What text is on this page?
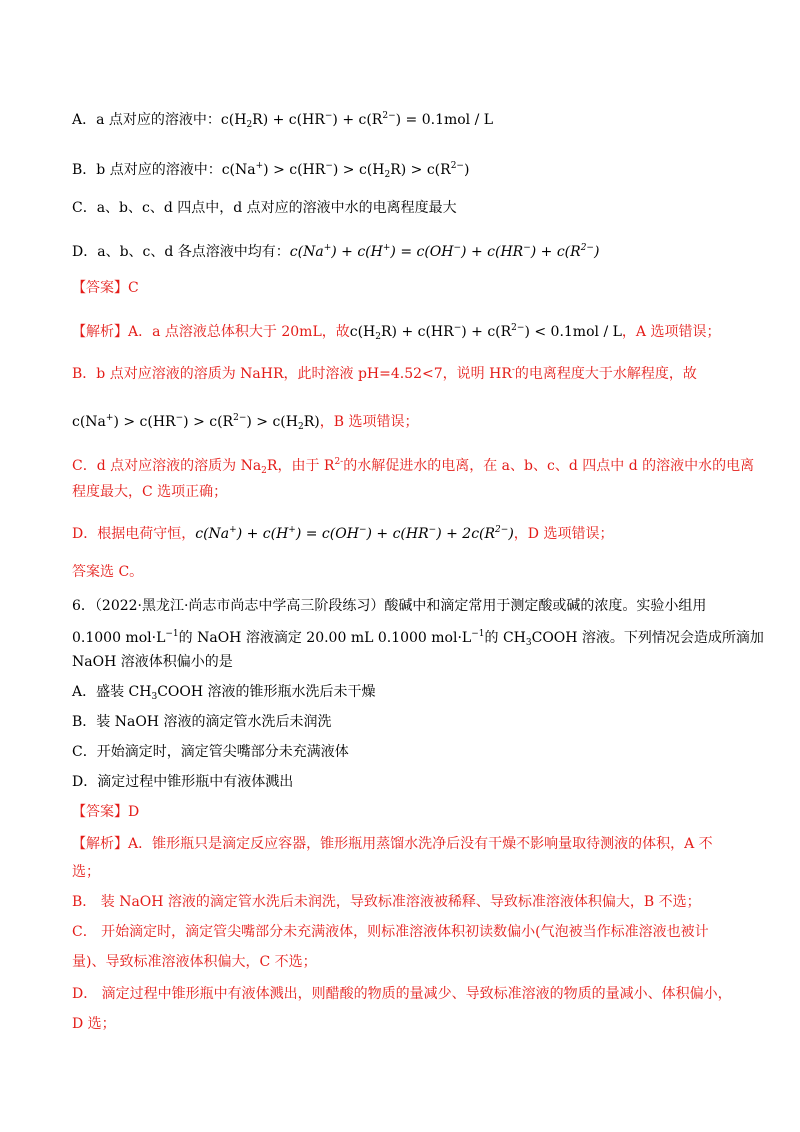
A．a 点对应的溶液中：$c(H_2R) + c(HR^-) + c(R^{2-}) = 0.1mol / L$
B．b 点对应的溶液中：$c(Na^+) > c(HR^-) > c(H_2R) > c(R^{2-})$
C．a、b、c、d 四点中，d 点对应的溶液中水的电离程度最大
D．a、b、c、d 各点溶液中均有：$c(Na^+) + c(H^+) = c(OH^-) + c(HR^-) + c(R^{2-})$
【答案】C
【解析】A．a 点溶液总体积大于 20mL，故$c(H_2R) + c(HR^-) + c(R^{2-}) < 0.1mol / L$，A 选项错误；
B．b 点对应溶液的溶质为 NaHR，此时溶液 pH=4.52<7，说明 HR-的电离程度大于水解程度，故
$c(Na^+) > c(HR^-) > c(R^{2-}) > c(H_2R)$，B 选项错误；
C．d 点对应溶液的溶质为 $Na_2R$，由于 $R^{2-}$的水解促进水的电离，在 a、b、c、d 四点中 d 的溶液中水的电离
程度最大，C 选项正确；
D．根据电荷守恒，$c(Na^+) + c(H^+) = c(OH^-) + c(HR^-) + 2c(R^{2-})$，D 选项错误；
答案选 C。
6．（2022·黑龙江·尚志市尚志中学高三阶段练习）酸碱中和滴定常用于测定酸或碱的浓度。实验小组用
0.1000 $mol\cdot L^{-1}$的 NaOH 溶液滴定 20.00 mL 0.1000 $mol\cdot L^{-1}$的 $CH_3COOH$ 溶液。下列情况会造成所滴加
NaOH 溶液体积偏小的是
A．盛装 $CH_3COOH$ 溶液的锥形瓶水洗后未干燥
B．装 NaOH 溶液的滴定管水洗后未润洗
C．开始滴定时，滴定管尖嘴部分未充满液体
D．滴定过程中锥形瓶中有液体溅出
【答案】D
【解析】A．锥形瓶只是滴定反应容器，锥形瓶用蒸馏水洗净后没有干燥不影响量取待测液的体积，A 不
选；
B． 装 NaOH 溶液的滴定管水洗后未润洗，导致标准溶液被稀释、导致标准溶液体积偏大，B 不选；
C． 开始滴定时，滴定管尖嘴部分未充满液体，则标准溶液体积初读数偏小(气泡被当作标准溶液也被计
量)、导致标准溶液体积偏大，C 不选；
D． 滴定过程中锥形瓶中有液体溅出，则醋酸的物质的量减少、导致标准溶液的物质的量减小、体积偏小，
D 选；
